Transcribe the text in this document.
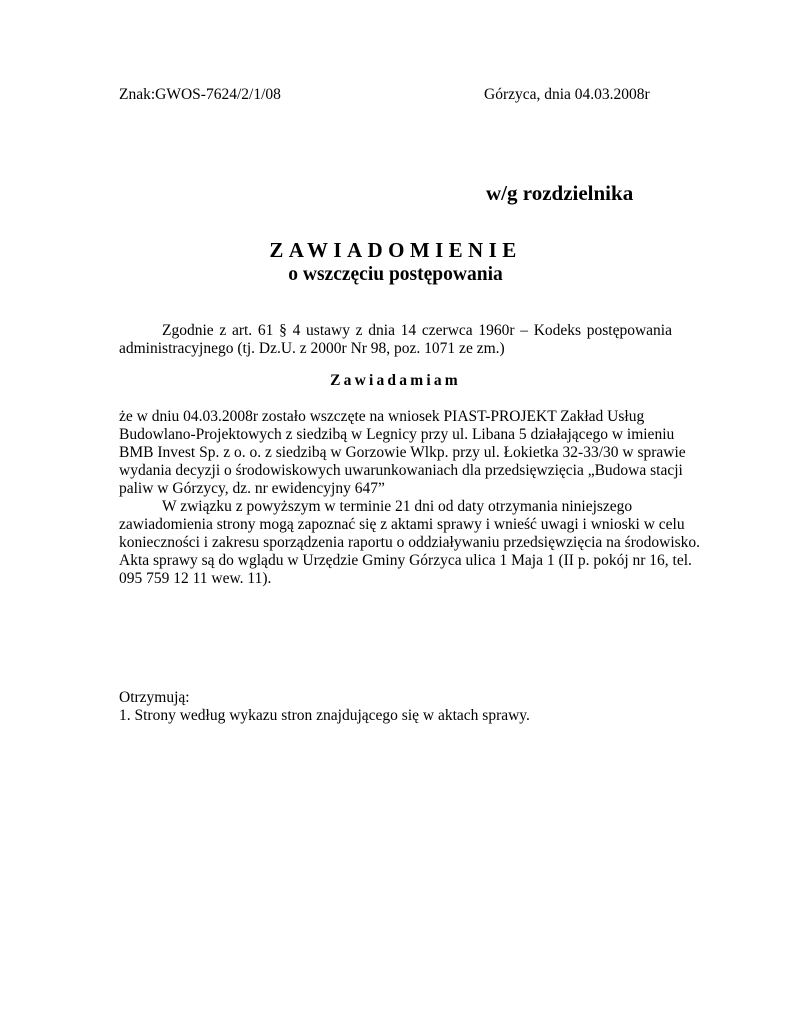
Znak:GWOS-7624/2/1/08	Górzyca, dnia 04.03.2008r
w/g rozdzielnika
ZAWIADOMIENIE
o wszczęciu postępowania
Zgodnie z art. 61 § 4 ustawy z dnia 14 czerwca 1960r – Kodeks postępowania
administracyjnego (tj. Dz.U. z 2000r Nr 98, poz. 1071 ze zm.)
Zawiadamiam
że w dniu 04.03.2008r zostało wszczęte na wniosek PIAST-PROJEKT Zakład Usług
Budowlano-Projektowych z siedzibą w Legnicy przy ul. Libana 5 działającego w imieniu
BMB Invest Sp. z o. o. z siedzibą w Gorzowie Wlkp. przy ul. Łokietka 32-33/30 w sprawie
wydania decyzji o środowiskowych uwarunkowaniach dla przedsięwzięcia „Budowa stacji
paliw w Górzycy, dz. nr ewidencyjny 647”
W związku z powyższym w terminie 21 dni od daty otrzymania niniejszego
zawiadomienia strony mogą zapoznać się z aktami sprawy i wnieść uwagi i wnioski w celu
konieczności i zakresu sporządzenia raportu o oddziaływaniu przedsięwzięcia na środowisko.
Akta sprawy są do wglądu w Urzędzie Gminy Górzyca ulica 1 Maja 1 (II p. pokój nr 16, tel.
095 759 12 11 wew. 11).
Otrzymują:
1. Strony według wykazu stron znajdującego się w aktach sprawy.
